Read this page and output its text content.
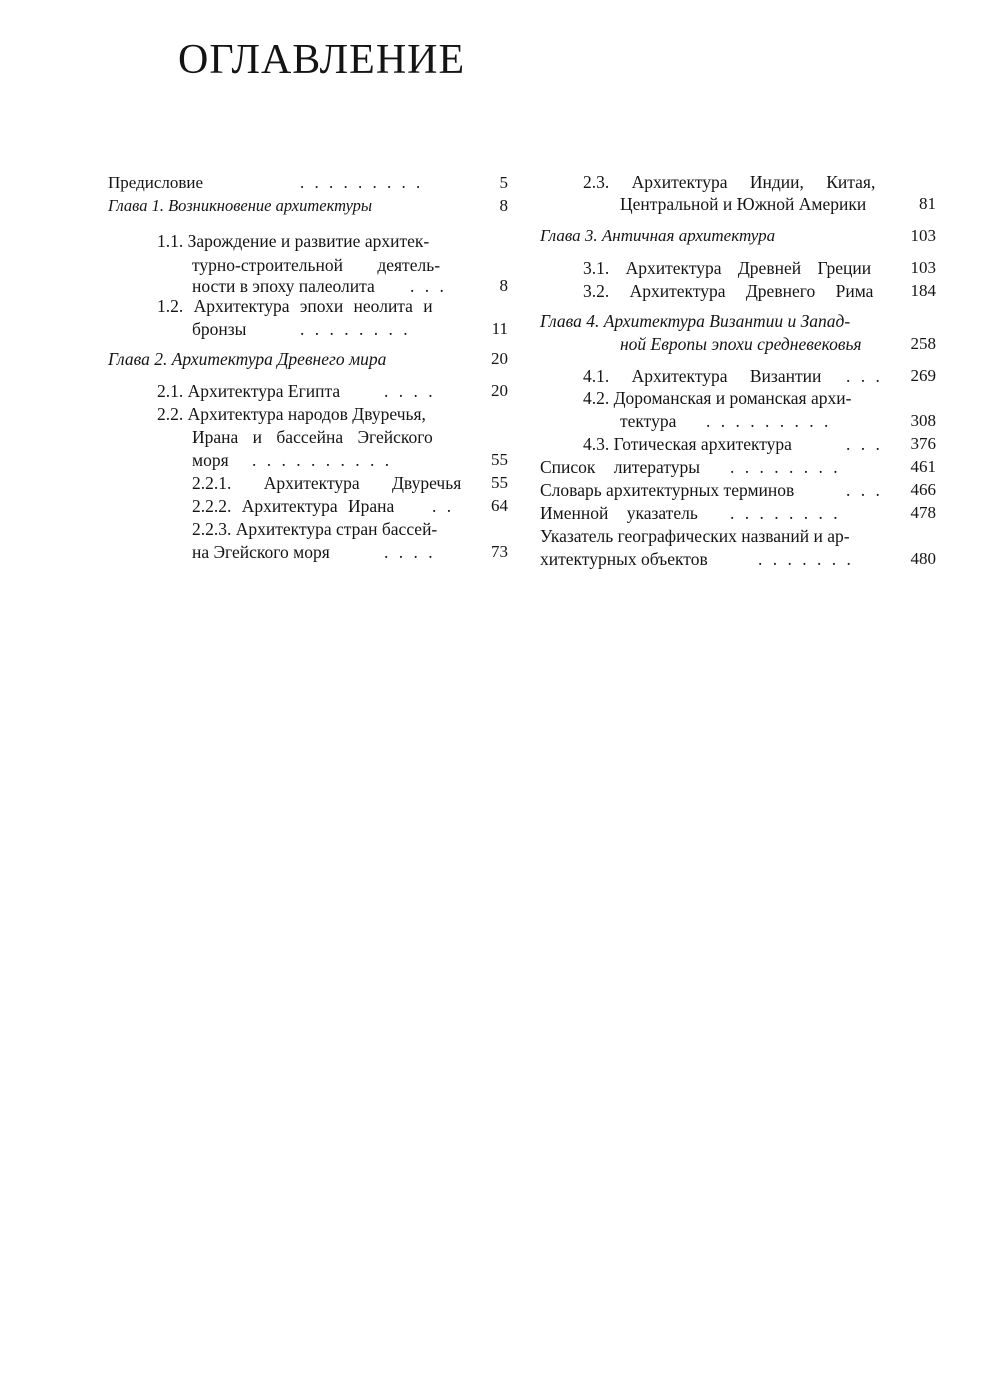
ОГЛАВЛЕНИЕ
Предисловие	. . . . . . . . .	5
Глава 1. Возникновение архитектуры	8
1.1. Зарождение и развитие архитек-
турно-строительной деятель-
ности в эпоху палеолита . . .	8
1.2. Архитектура эпохи неолита и
бронзы	. . . . . . . .	11
Глава 2. Архитектура Древнего мира	20
2.1. Архитектура Египта	. . . .	20
2.2. Архитектура народов Двуречья,
Ирана и бассейна Эгейского
моря . . . . . . . . . .	55
2.2.1. Архитектура Двуречья	55
2.2.2. Архитектура Ирана . .	64
2.2.3. Архитектура стран бассей-
на Эгейского моря	. . . .	73
2.3. Архитектура Индии, Китая,
Центральной и Южной Америки	81
Глава 3. Античная архитектура	103
3.1. Архитектура Древней Греции	103
3.2. Архитектура Древнего Рима	184
Глава 4. Архитектура Византии и Запад-
ной Европы эпохи средневековья	258
4.1. Архитектура Византии . . .	269
4.2. Дороманская и романская архи-
тектура . . . . . . . . .	308
4.3. Готическая архитектура	. . .	376
Список литературы . . . . . . . .	461
Словарь архитектурных терминов	. . .	466
Именной указатель . . . . . . . .	478
Указатель географических названий и ар-
хитектурных объектов	. . . . . . .	480
